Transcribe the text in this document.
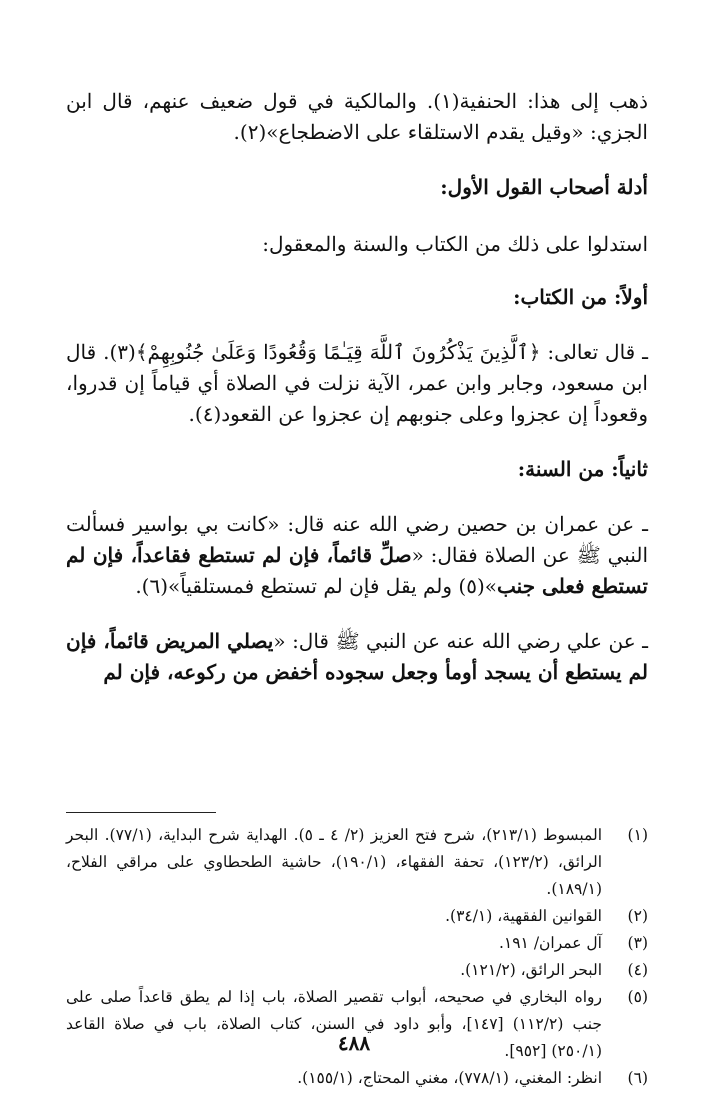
ذهب إلى هذا: الحنفية(١). والمالكية في قول ضعيف عنهم، قال ابن الجزي: «وقيل يقدم الاستلقاء على الاضطجاع»(٢).

أدلة أصحاب القول الأول:

استدلوا على ذلك من الكتاب والسنة والمعقول:

أولاً: من الكتاب:

ـ قال تعالى: ﴿ٱلَّذِينَ يَذْكُرُونَ ٱللَّهَ قِيَـٰمًا وَقُعُودًا وَعَلَىٰ جُنُوبِهِمْ﴾(٣). قال ابن مسعود، وجابر وابن عمر، الآية نزلت في الصلاة أي قياماً إن قدروا، وقعوداً إن عجزوا وعلى جنوبهم إن عجزوا عن القعود(٤).

ثانياً: من السنة:

ـ عن عمران بن حصين رضي الله عنه قال: «كانت بي بواسير فسألت النبي ﷺ عن الصلاة فقال: «صلِّ قائماً، فإن لم تستطع فقاعداً، فإن لم تستطع فعلى جنب»(٥) ولم يقل فإن لم تستطع فمستلقياً»(٦).

ـ عن علي رضي الله عنه عن النبي ﷺ قال: «يصلي المريض قائماً، فإن لم يستطع أن يسجد أومأ وجعل سجوده أخفض من ركوعه، فإن لم

(١)
المبسوط (٢١٣/١)، شرح فتح العزيز (٢/ ٤ ـ ٥). الهداية شرح البداية، (٧٧/١). البحر الرائق، (١٢٣/٢)، تحفة الفقهاء، (١٩٠/١)، حاشية الطحطاوي على مراقي الفلاح، (١٨٩/١).
(٢)
القوانين الفقهية، (٣٤/١).
(٣)
آل عمران/ ١٩١.
(٤)
البحر الرائق، (١٢١/٢).
(٥)
رواه البخاري في صحيحه، أبواب تقصير الصلاة، باب إذا لم يطق قاعداً صلى على جنب (١١٢/٢) [١٤٧]، وأبو داود في السنن، كتاب الصلاة، باب في صلاة القاعد (٢٥٠/١) [٩٥٢].
(٦)
انظر: المغني، (٧٧٨/١)، مغني المحتاج، (١٥٥/١).
٤٨٨
